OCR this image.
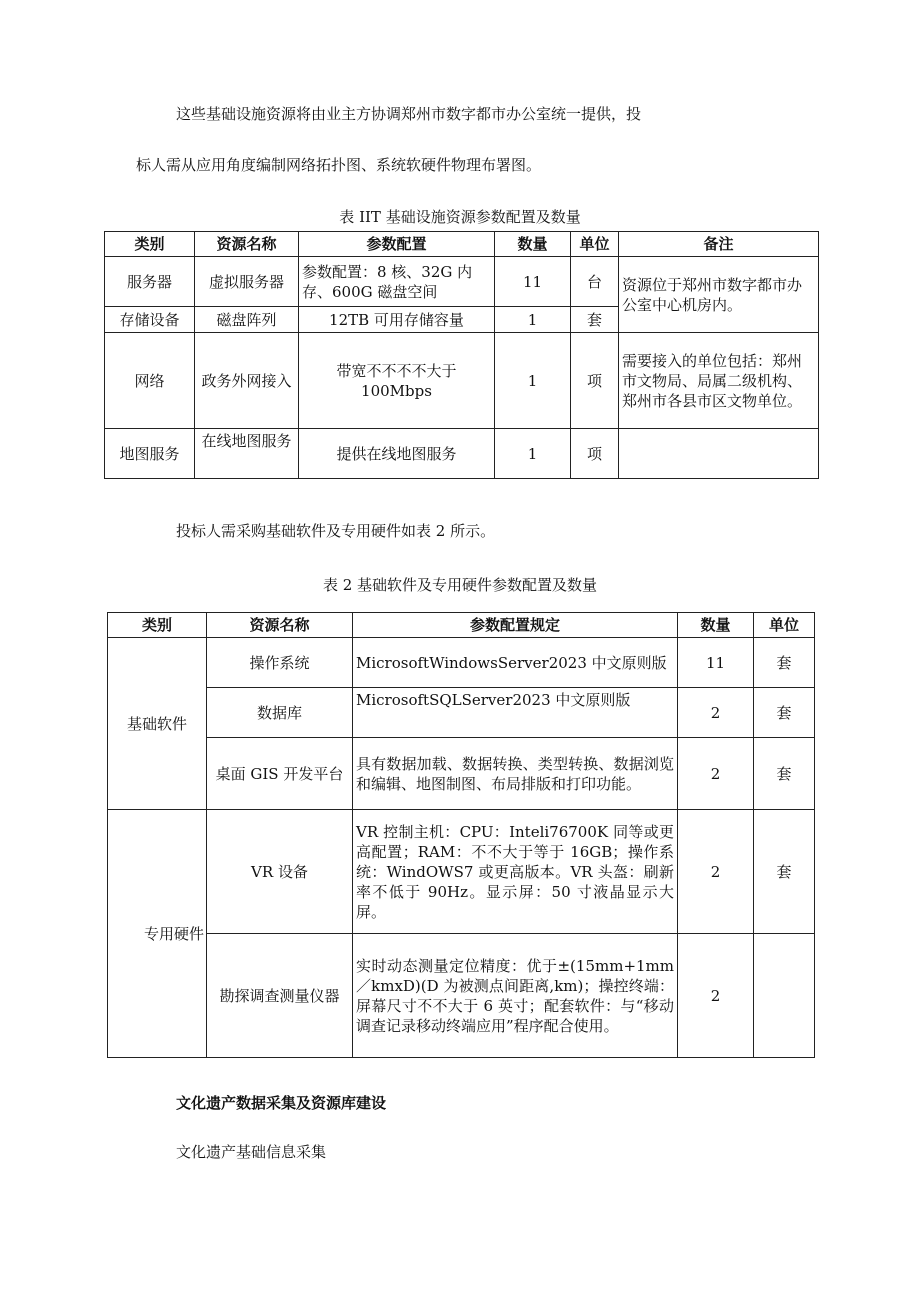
这些基础设施资源将由业主方协调郑州市数字都市办公室统一提供，投
标人需从应用角度编制网络拓扑图、系统软硬件物理布署图。
表 IIT 基础设施资源参数配置及数量
类别	资源名称	参数配置	数量	单位	备注
服务器	虚拟服务器	参数配置：8 核、32G 内存、600G 磁盘空间	11	台	资源位于郑州市数字都市办公室中心机房内。
存储设备	磁盘阵列	12TB 可用存储容量	1	套	
网络	政务外网接入	带宽不不不不大于 100Mbps	1	项	需要接入的单位包括：郑州市文物局、局属二级机构、郑州市各县市区文物单位。
地图服务	在线地图服务	提供在线地图服务	1	项	
投标人需采购基础软件及专用硬件如表 2 所示。
表 2 基础软件及专用硬件参数配置及数量
类别	资源名称	参数配置规定	数量	单位
基础软件	操作系统	MicrosoftWindowsServer2023 中文原则版	11	套
	数据库	MicrosoftSQLServer2023 中文原则版	2	套
	桌面 GIS 开发平台	具有数据加载、数据转换、类型转换、数据浏览和编辑、地图制图、布局排版和打印功能。	2	套
专用硬件	VR 设备	VR 控制主机：CPU：Inteli76700K 同等或更高配置；RAM：不不大于等于 16GB；操作系统：WindOWS7 或更高版本。VR 头盔：刷新率不低于 90Hz。显示屏：50 寸液晶显示大屏。	2	套
	勘探调查测量仪器	实时动态测量定位精度：优于±(15mm+1mm／kmxD)(D 为被测点间距离,km)；操控终端：屏幕尺寸不不大于 6 英寸；配套软件：与“移动调查记录移动终端应用”程序配合使用。	2	
文化遗产数据采集及资源库建设
文化遗产基础信息采集
